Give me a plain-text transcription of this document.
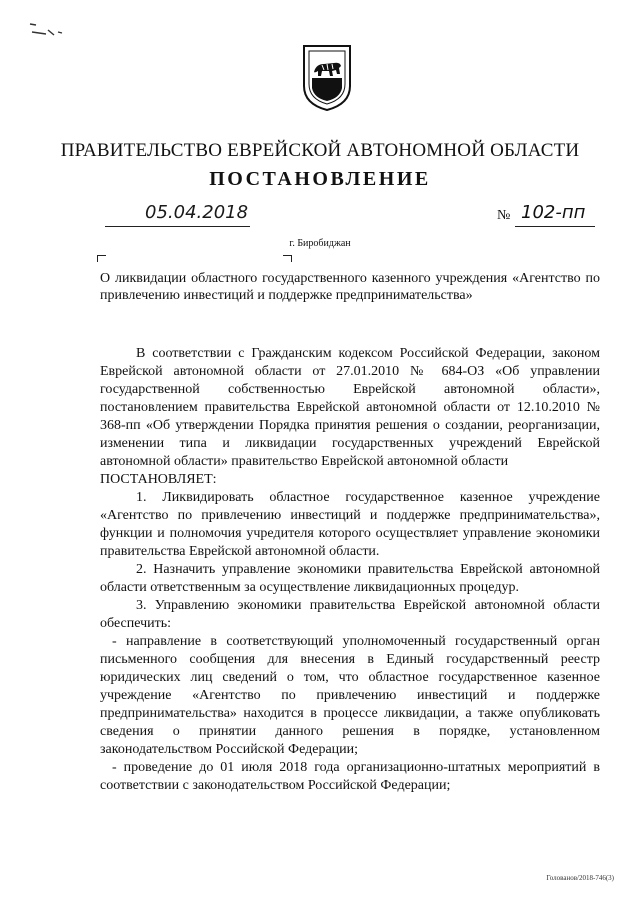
ПРАВИТЕЛЬСТВО ЕВРЕЙСКОЙ АВТОНОМНОЙ ОБЛАСТИ
ПОСТАНОВЛЕНИЕ
05.04.2018	№ 102-пп
г. Биробиджан
О ликвидации областного государственного казенного учреждения «Агентство по привлечению инвестиций и поддержке предпринимательства»

В соответствии с Гражданским кодексом Российской Федерации, законом Еврейской автономной области от 27.01.2010 № 684-ОЗ «Об управлении государственной собственностью Еврейской автономной области», постановлением правительства Еврейской автономной области от 12.10.2010 № 368-пп «Об утверждении Порядка принятия решения о создании, реорганизации, изменении типа и ликвидации государственных учреждений Еврейской автономной области» правительство Еврейской автономной области

ПОСТАНОВЛЯЕТ:

1. Ликвидировать областное государственное казенное учреждение «Агентство по привлечению инвестиций и поддержке предпринимательства», функции и полномочия учредителя которого осуществляет управление экономики правительства Еврейской автономной области.

2. Назначить управление экономики правительства Еврейской автономной области ответственным за осуществление ликвидационных процедур.

3. Управлению экономики правительства Еврейской автономной области обеспечить:

- направление в соответствующий уполномоченный государственный орган письменного сообщения для внесения в Единый государственный реестр юридических лиц сведений о том, что областное государственное казенное учреждение «Агентство по привлечению инвестиций и поддержке предпринимательства» находится в процессе ликвидации, а также опубликовать сведения о принятии данного решения в порядке, установленном законодательством Российской Федерации;

- проведение до 01 июля 2018 года организационно-штатных мероприятий в соответствии с законодательством Российской Федерации;

Голованов/2018-746(3)
